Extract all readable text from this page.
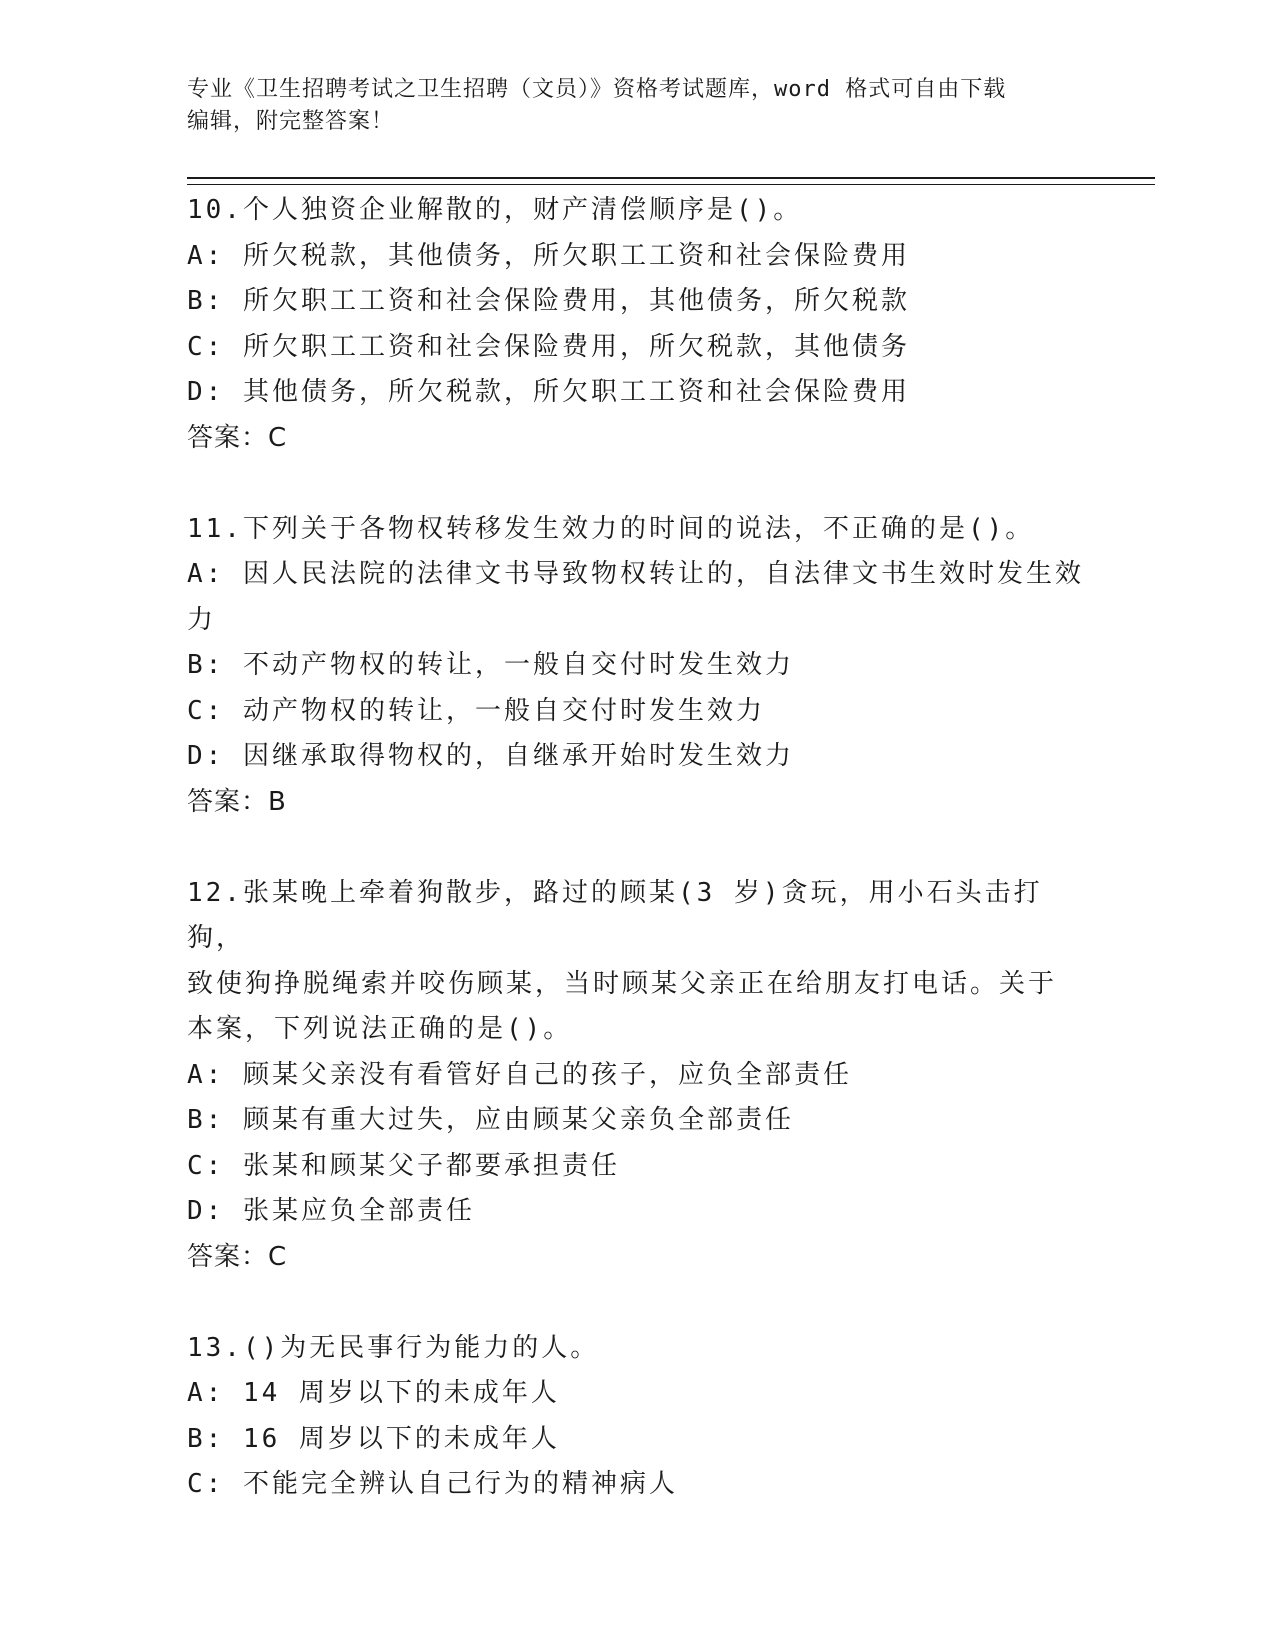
专业《卫生招聘考试之卫生招聘（文员）》资格考试题库，word 格式可自由下载
编辑，附完整答案！
10.个人独资企业解散的，财产清偿顺序是()。
A: 所欠税款，其他债务，所欠职工工资和社会保险费用
B: 所欠职工工资和社会保险费用，其他债务，所欠税款
C: 所欠职工工资和社会保险费用，所欠税款，其他债务
D: 其他债务，所欠税款，所欠职工工资和社会保险费用
答案：C
11.下列关于各物权转移发生效力的时间的说法，不正确的是()。
A: 因人民法院的法律文书导致物权转让的，自法律文书生效时发生效
力
B: 不动产物权的转让，一般自交付时发生效力
C: 动产物权的转让，一般自交付时发生效力
D: 因继承取得物权的，自继承开始时发生效力
答案：B
12.张某晚上牵着狗散步，路过的顾某(3 岁)贪玩，用小石头击打狗，
致使狗挣脱绳索并咬伤顾某，当时顾某父亲正在给朋友打电话。关于
本案，下列说法正确的是()。
A: 顾某父亲没有看管好自己的孩子，应负全部责任
B: 顾某有重大过失，应由顾某父亲负全部责任
C: 张某和顾某父子都要承担责任
D: 张某应负全部责任
答案：C
13.()为无民事行为能力的人。
A: 14 周岁以下的未成年人
B: 16 周岁以下的未成年人
C: 不能完全辨认自己行为的精神病人
